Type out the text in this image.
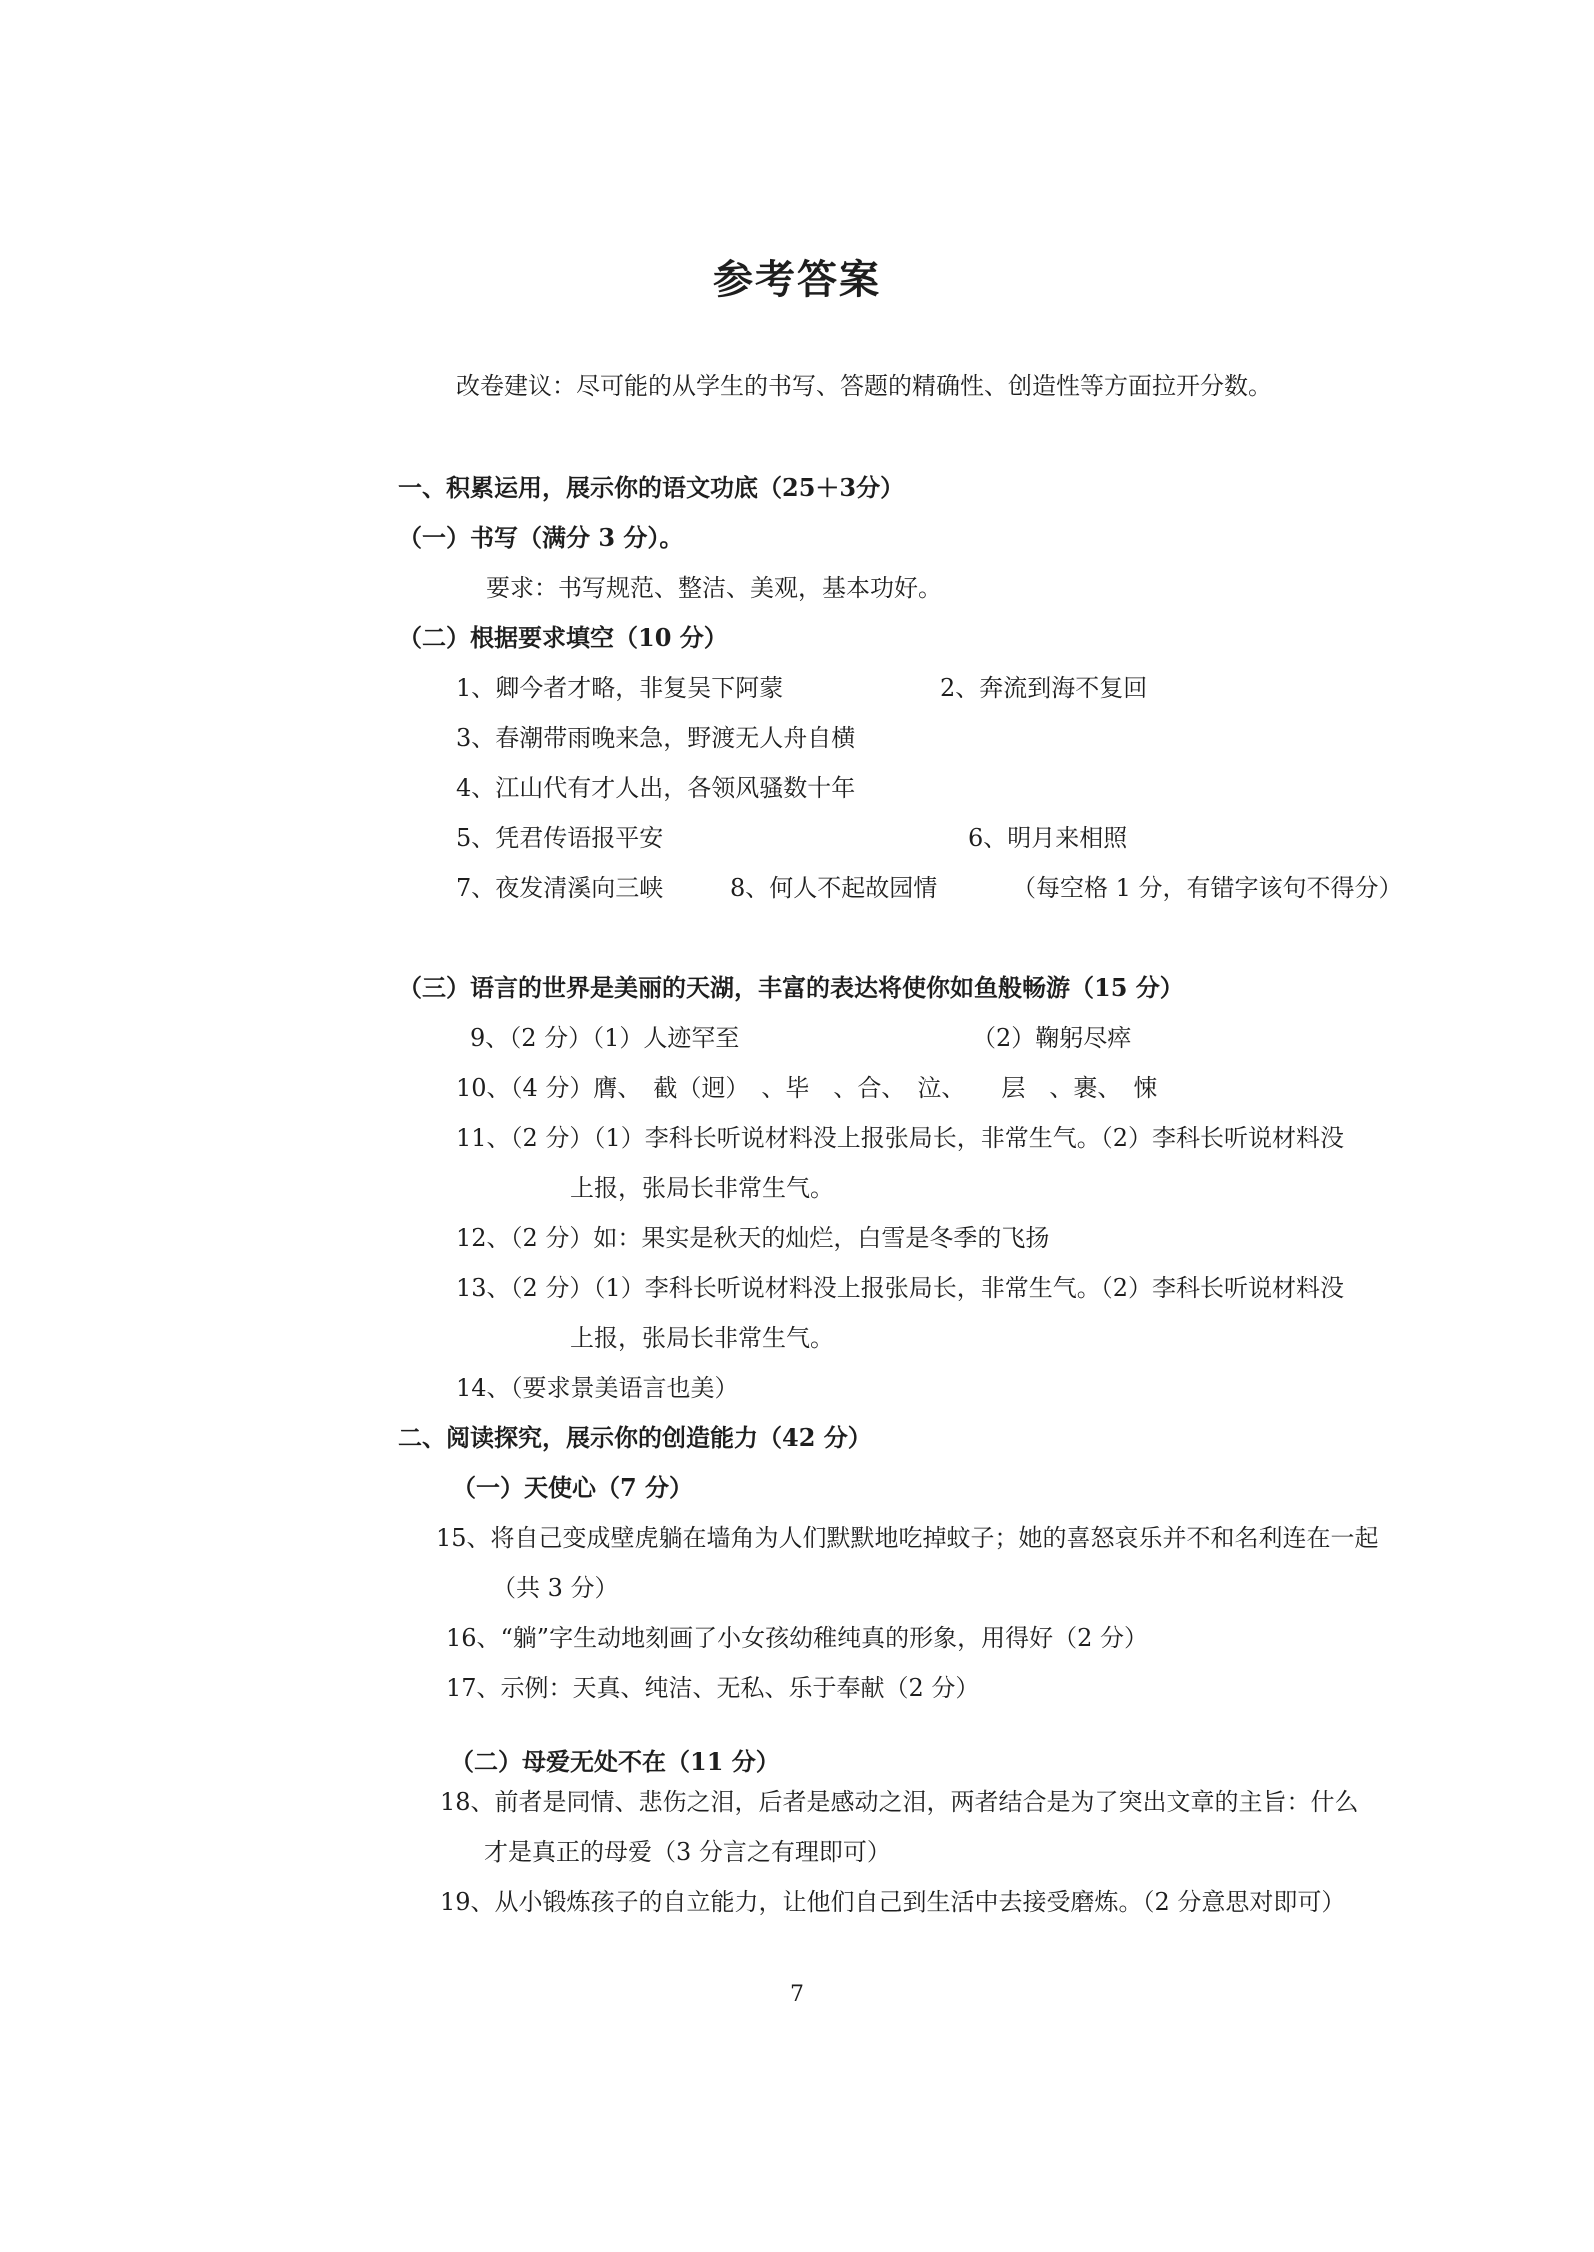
参考答案
改卷建议：尽可能的从学生的书写、答题的精确性、创造性等方面拉开分数。
一、积累运用，展示你的语文功底（25＋3分）
（一）书写（满分 3 分）。
要求：书写规范、整洁、美观，基本功好。
（二）根据要求填空（10 分）
1、卿今者才略，非复吴下阿蒙	2、奔流到海不复回
3、春潮带雨晚来急，野渡无人舟自横
4、江山代有才人出，各领风骚数十年
5、凭君传语报平安	6、明月来相照
7、夜发清溪向三峡	8、何人不起故园情	（每空格 1 分，有错字该句不得分）
（三）语言的世界是美丽的天湖，丰富的表达将使你如鱼般畅游（15 分）
9、（2 分）（1）人迹罕至	（2）鞠躬尽瘁
10、（4 分）膺、　截（迥）　、毕　、合、　泣、　　层　、裹、　悚
11、（2 分）（1）李科长听说材料没上报张局长，非常生气。（2）李科长听说材料没
上报，张局长非常生气。
12、（2 分）如：果实是秋天的灿烂，白雪是冬季的飞扬
13、（2 分）（1）李科长听说材料没上报张局长，非常生气。（2）李科长听说材料没
上报，张局长非常生气。
14、（要求景美语言也美）
二、阅读探究，展示你的创造能力（42 分）
（一）天使心（7 分）
15、将自己变成壁虎躺在墙角为人们默默地吃掉蚊子；她的喜怒哀乐并不和名利连在一起
（共 3 分）
16、“躺”字生动地刻画了小女孩幼稚纯真的形象，用得好（2 分）
17、示例：天真、纯洁、无私、乐于奉献（2 分）
（二）母爱无处不在（11 分）
18、前者是同情、悲伤之泪，后者是感动之泪，两者结合是为了突出文章的主旨：什么
才是真正的母爱（3 分言之有理即可）
19、从小锻炼孩子的自立能力，让他们自己到生活中去接受磨炼。（2 分意思对即可）
7
